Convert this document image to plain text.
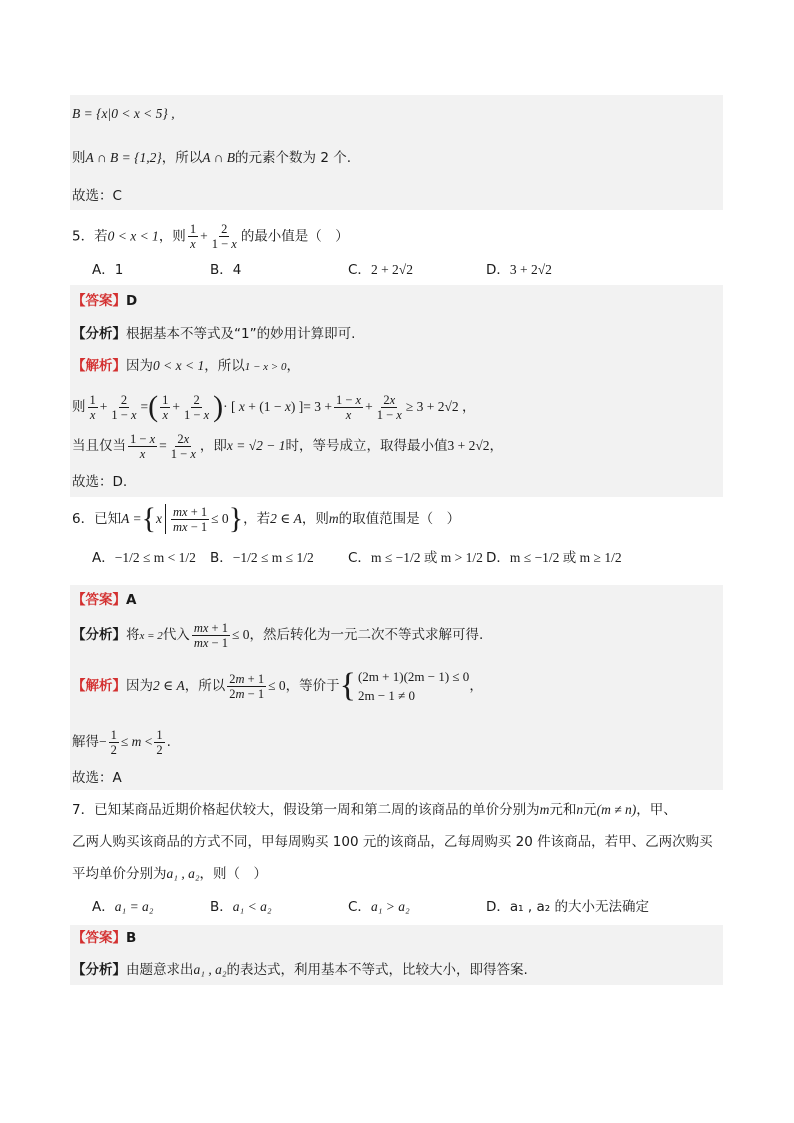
B = {x|0 < x < 5} ,
则A ∩ B = {1,2}，所以A ∩ B的元素个数为 2 个.
故选：C
5．若0 < x < 1，则 $\frac{1}{x} + \frac{2}{1 - x}$ 的最小值是（　）
A．1	B．4	C．2 + 2√2	D．3 + 2√2
【答案】D
【分析】根据基本不等式及“1”的妙用计算即可.
【解析】因为0 < x < 1，所以1 − x > 0，
则 $\frac{1}{x} + \frac{2}{1 - x}$ =( $\frac{1}{x} + \frac{2}{1 - x}$ )· [ x + (1 − x) ]= $3 + \frac{1 - x}{x} + \frac{2x}{1 - x} \ge 3 + 2√2$ ，
当且仅当 $\frac{1 - x}{x} = \frac{2x}{1 - x}$ ，即x = √2 − 1时，等号成立，取得最小值3 + 2√2，
故选：D.
6．已知$A =\{x \frac{mx + 1}{mx - 1} \le 0\}$，若2 ∈ A，则m的取值范围是（　）
A．−1/2 ≤ m < 1/2 B．−1/2 ≤ m ≤ 1/2	C．m ≤ −1/2 或 m > 1/2 D．m ≤ −1/2 或 m ≥ 1/2
【答案】A
【分析】将x = 2代入 $\frac{mx + 1}{mx - 1} \le 0$，然后转化为一元二次不等式求解可得.
【解析】因为2 ∈ A，所以 $\frac{2m + 1}{2m - 1} \le 0$，等价于{ (2m + 1)(2m − 1) ≤ 0
2m − 1 ≠ 0
，
解得− $\frac{1}{2} \le m < \frac{1}{2}$ .
故选：A
7．已知某商品近期价格起伏较大，假设第一周和第二周的该商品的单价分别为m元和n元(m ≠ n)，甲、
乙两人购买该商品的方式不同，甲每周购买 100 元的该商品，乙每周购买 20 件该商品，若甲、乙两次购买
平均单价分别为a₁ , a₂，则（　）
A．a₁ = a₂	B．a₁ < a₂	C．a₁ > a₂	D．a₁ , a₂ 的大小无法确定
【答案】B
【分析】由题意求出a₁ , a₂的表达式，利用基本不等式，比较大小，即得答案.
